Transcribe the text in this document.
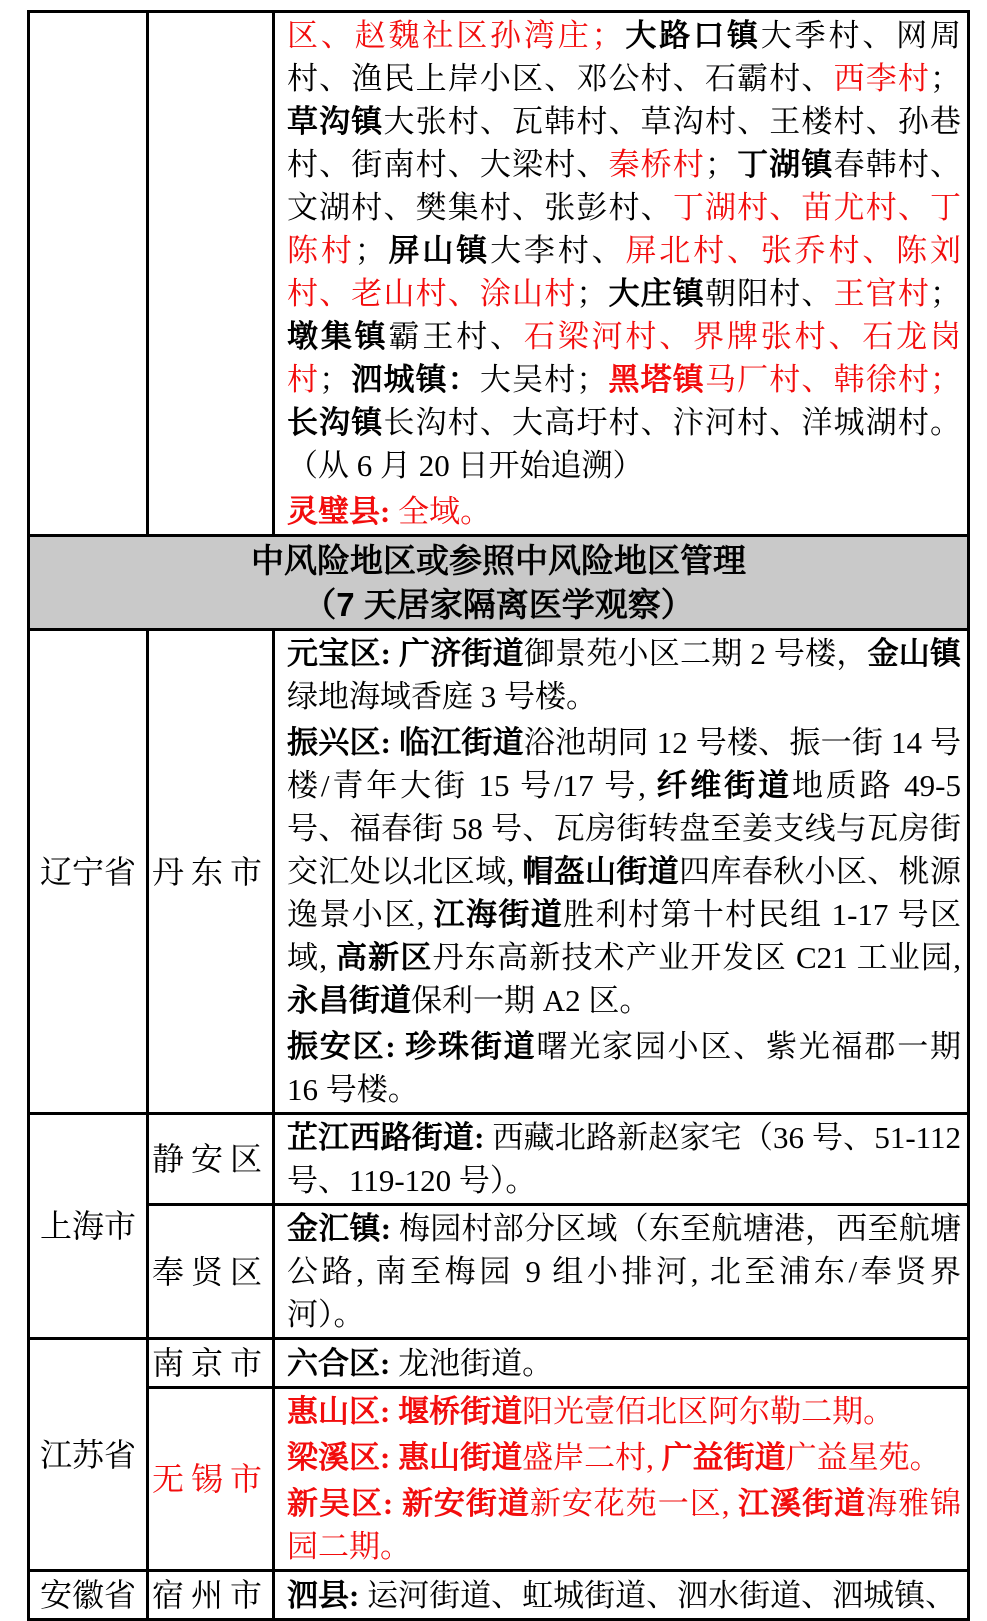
		区、赵魏社区孙湾庄；大路口镇大季村、网周村、渔民上岸小区、邓公村、石霸村、西李村；草沟镇大张村、瓦韩村、草沟村、王楼村、孙巷村、街南村、大梁村、秦桥村；丁湖镇春韩村、文湖村、樊集村、张彭村、丁湖村、苗尤村、丁陈村；屏山镇大李村、屏北村、张乔村、陈刘村、老山村、涂山村；大庄镇朝阳村、王官村；墩集镇霸王村、石梁河村、界牌张村、石龙岗村；泗城镇：大吴村；黑塔镇马厂村、韩徐村；长沟镇长沟村、大高圩村、汴河村、洋城湖村。（从 6 月 20 日开始追溯）

灵璧县: 全域。

中风险地区或参照中风险地区管理
（7 天居家隔离医学观察）		

辽宁省	丹东市	元宝区: 广济街道御景苑小区二期 2 号楼，金山镇绿地海域香庭 3 号楼。

振兴区: 临江街道浴池胡同 12 号楼、振一街 14 号楼/青年大街 15 号/17 号, 纤维街道地质路 49-5 号、福春街 58 号、瓦房街转盘至姜支线与瓦房街交汇处以北区域, 帽盔山街道四库春秋小区、桃源逸景小区, 江海街道胜利村第十村民组 1-17 号区域, 高新区丹东高新技术产业开发区 C21 工业园, 永昌街道保利一期 A2 区。

振安区: 珍珠街道曙光家园小区、紫光福郡一期 16 号楼。

上海市	静安区	芷江西路街道: 西藏北路新赵家宅（36 号、51-112 号、119-120 号）。

	奉贤区	金汇镇: 梅园村部分区域（东至航塘港，西至航塘公路, 南至梅园 9 组小排河, 北至浦东/奉贤界河）。

江苏省	南京市	六合区: 龙池街道。

	无锡市	惠山区: 堰桥街道阳光壹佰北区阿尔勒二期。

梁溪区: 惠山街道盛岸二村, 广益街道广益星苑。

新吴区: 新安街道新安花苑一区, 江溪街道海雅锦园二期。

安徽省	宿州市	泗县: 运河街道、虹城街道、泗水街道、泗城镇、
